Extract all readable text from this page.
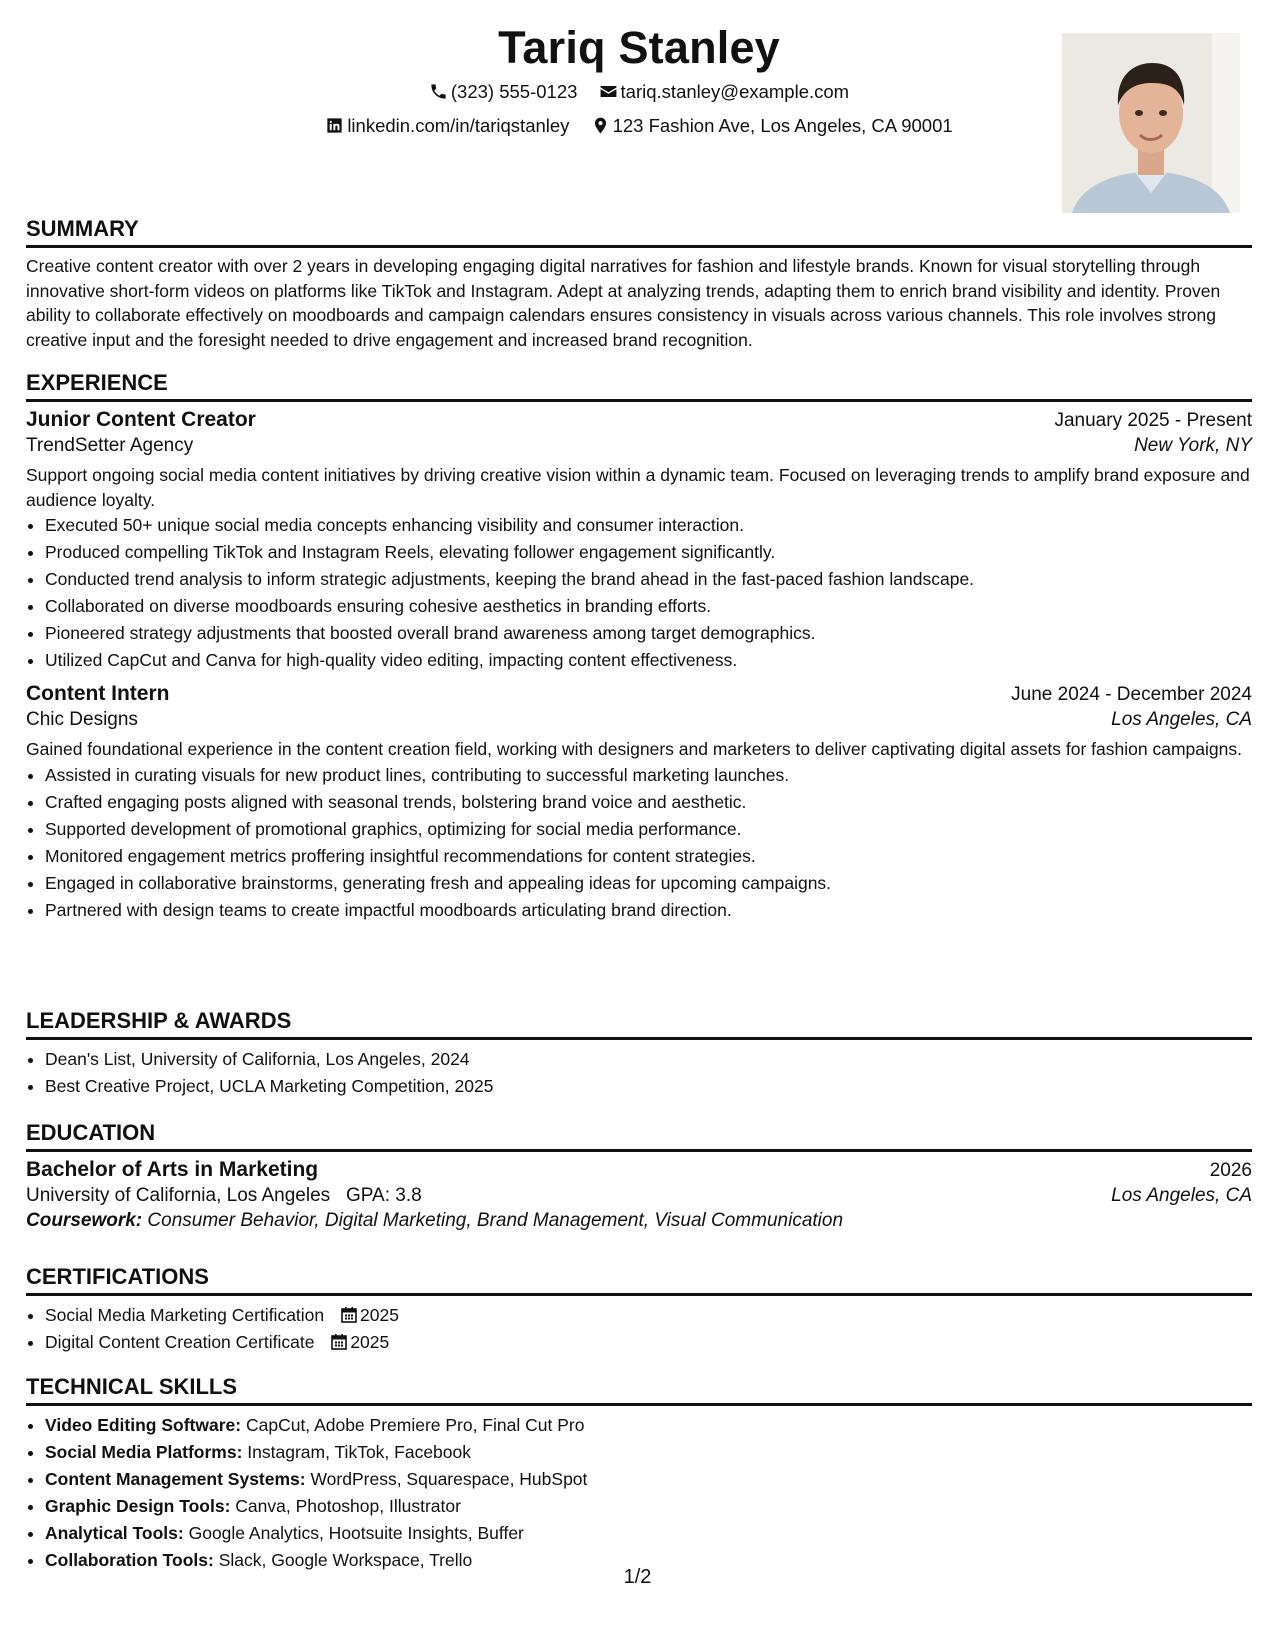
Tariq Stanley
(323) 555-0123
tariq.stanley@example.com
linkedin.com/in/tariqstanley
123 Fashion Ave, Los Angeles, CA 90001
SUMMARY

Creative content creator with over 2 years in developing engaging digital narratives for fashion and lifestyle brands. Known for visual storytelling through innovative short-form videos on platforms like TikTok and Instagram. Adept at analyzing trends, adapting them to enrich brand visibility and identity. Proven ability to collaborate effectively on moodboards and campaign calendars ensures consistency in visuals across various channels. This role involves strong creative input and the foresight needed to drive engagement and increased brand recognition.

EXPERIENCE
Junior Content Creator	January 2025 - Present
TrendSetter Agency	New York, NY

Support ongoing social media content initiatives by driving creative vision within a dynamic team. Focused on leveraging trends to amplify brand exposure and audience loyalty.

• Executed 50+ unique social media concepts enhancing visibility and consumer interaction.
• Produced compelling TikTok and Instagram Reels, elevating follower engagement significantly.
• Conducted trend analysis to inform strategic adjustments, keeping the brand ahead in the fast-paced fashion landscape.
• Collaborated on diverse moodboards ensuring cohesive aesthetics in branding efforts.
• Pioneered strategy adjustments that boosted overall brand awareness among target demographics.
• Utilized CapCut and Canva for high-quality video editing, impacting content effectiveness.
Content Intern	June 2024 - December 2024
Chic Designs	Los Angeles, CA

Gained foundational experience in the content creation field, working with designers and marketers to deliver captivating digital assets for fashion campaigns.

• Assisted in curating visuals for new product lines, contributing to successful marketing launches.
• Crafted engaging posts aligned with seasonal trends, bolstering brand voice and aesthetic.
• Supported development of promotional graphics, optimizing for social media performance.
• Monitored engagement metrics proffering insightful recommendations for content strategies.
• Engaged in collaborative brainstorms, generating fresh and appealing ideas for upcoming campaigns.
• Partnered with design teams to create impactful moodboards articulating brand direction.
LEADERSHIP & AWARDS
• Dean's List, University of California, Los Angeles, 2024
• Best Creative Project, UCLA Marketing Competition, 2025
EDUCATION
Bachelor of Arts in Marketing	2026
University of California, Los Angeles GPA: 3.8	Los Angeles, CA
Coursework: Consumer Behavior, Digital Marketing, Brand Management, Visual Communication
CERTIFICATIONS
• Social Media Marketing Certification 2025
• Digital Content Creation Certificate 2025
TECHNICAL SKILLS
• Video Editing Software: CapCut, Adobe Premiere Pro, Final Cut Pro
• Social Media Platforms: Instagram, TikTok, Facebook
• Content Management Systems: WordPress, Squarespace, HubSpot
• Graphic Design Tools: Canva, Photoshop, Illustrator
• Analytical Tools: Google Analytics, Hootsuite Insights, Buffer
• Collaboration Tools: Slack, Google Workspace, Trello
1/2
